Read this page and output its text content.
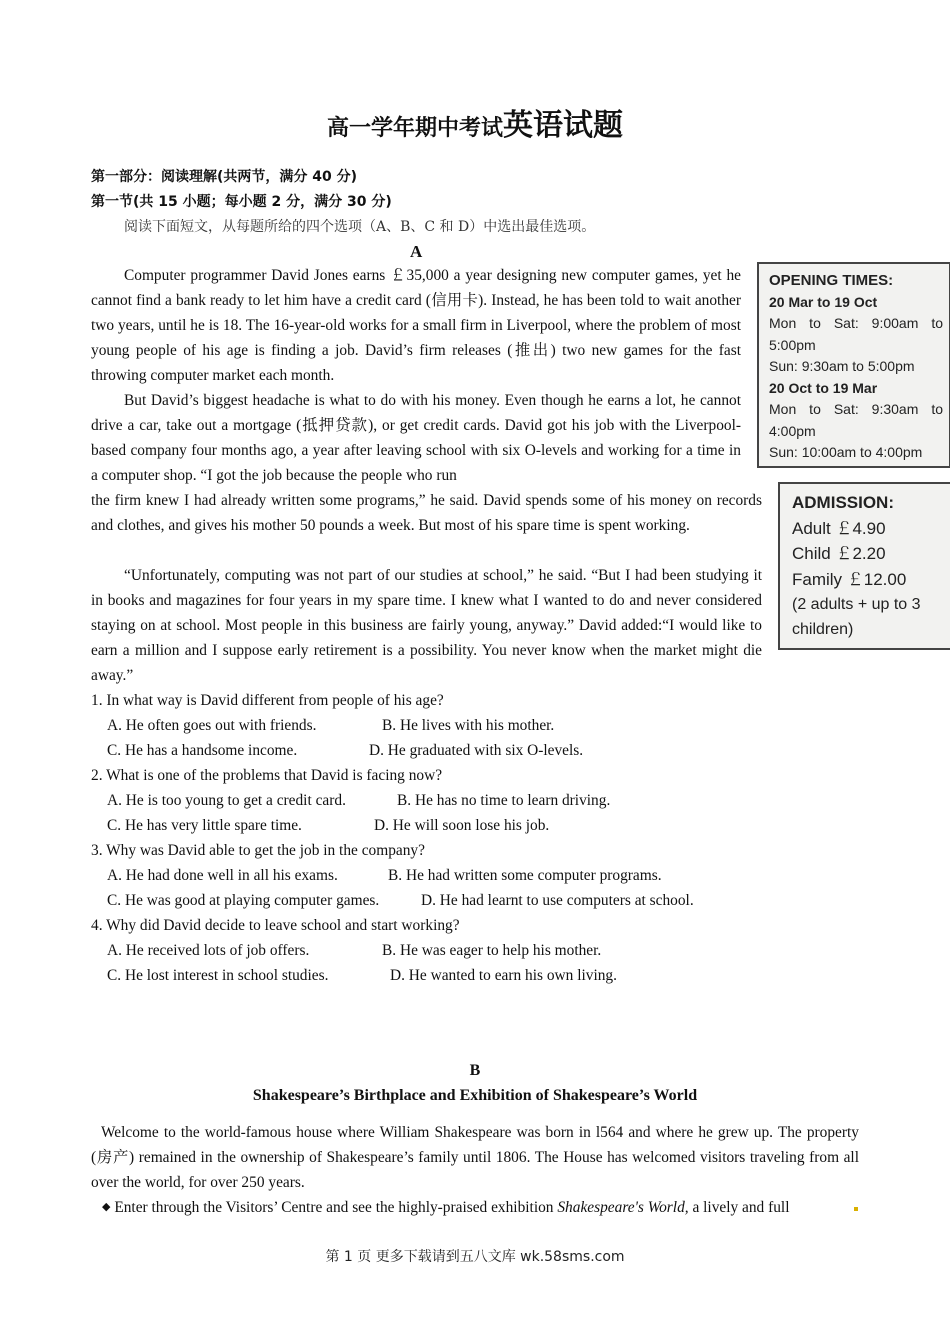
高一学年期中考试英语试题
第一部分：阅读理解(共两节，满分 40 分)
第一节(共 15 小题；每小题 2 分，满分 30 分)
阅读下面短文，从每题所给的四个选项（A、B、C 和 D）中选出最佳选项。
A
Computer programmer David Jones earns ￡35,000 a year designing new computer games, yet he cannot find a bank ready to let him have a credit card (信用卡). Instead, he has been told to wait another two years, until he is 18. The 16-year-old works for a small firm in Liverpool, where the problem of most young people of his age is finding a job. David’s firm releases (推出) two new games for the fast throwing computer market each month.
But David’s biggest headache is what to do with his money. Even though he earns a lot, he cannot drive a car, take out a mortgage (抵押贷款), or get credit cards. David got his job with the Liverpool-based company four months ago, a year after leaving school with six O-levels and working for a time in a computer shop. “I got the job because the people who run
the firm knew I had already written some programs,” he said. David spends some of his money on records and clothes, and gives his mother 50 pounds a week. But most of his spare time is spent working.
“Unfortunately, computing was not part of our studies at school,” he said. “But I had been studying it in books and magazines for four years in my spare time. I knew what I wanted to do and never considered staying on at school. Most people in this business are fairly young, anyway.” David added:“I would like to earn a million and I suppose early retirement is a possibility. You never know when the market might die away.”
1. In what way is David different from people of his age?
A. He often goes out with friends.	B. He lives with his mother.
C. He has a handsome income.	D. He graduated with six O-levels.
2. What is one of the problems that David is facing now?
A. He is too young to get a credit card.	B. He has no time to learn driving.
C. He has very little spare time.	D. He will soon lose his job.
3. Why was David able to get the job in the company?
A. He had done well in all his exams.	B. He had written some computer programs.
C. He was good at playing computer games.	D. He had learnt to use computers at school.
4. Why did David decide to leave school and start working?
A. He received lots of job offers.	B. He was eager to help his mother.
C. He lost interest in school studies.	D. He wanted to earn his own living.
OPENING TIMES:
20 Mar to 19 Oct
Mon to Sat: 9:00am to 5:00pm
Sun: 9:30am to 5:00pm
20 Oct to 19 Mar
Mon to Sat: 9:30am to 4:00pm
Sun: 10:00am to 4:00pm
ADMISSION:
Adult ￡4.90
Child ￡2.20
Family ￡12.00
(2 adults + up to 3 children)
B
Shakespeare’s Birthplace and Exhibition of Shakespeare’s World
Welcome to the world-famous house where William Shakespeare was born in l564 and where he grew up. The property (房产) remained in the ownership of Shakespeare’s family until 1806. The House has welcomed visitors traveling from all over the world, for over 250 years.
◆ Enter through the Visitors’ Centre and see the highly-praised exhibition Shakespeare's World, a lively and full
第 1 页 更多下载请到五八文库 wk.58sms.com
